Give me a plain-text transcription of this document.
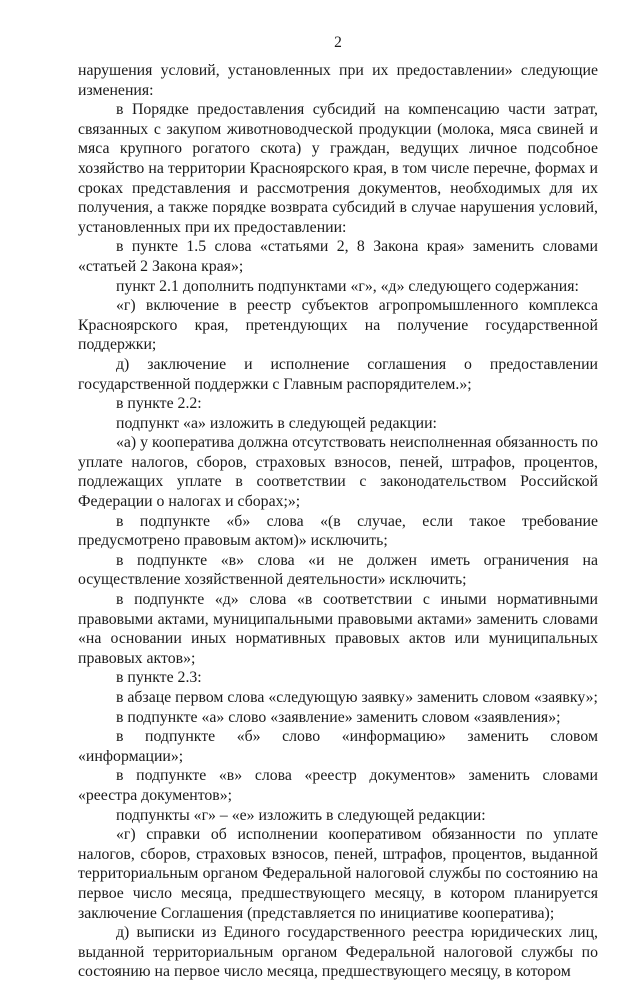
2

нарушения условий, установленных при их предоставлении» следующие изменения:

в Порядке предоставления субсидий на компенсацию части затрат, связанных с закупом животноводческой продукции (молока, мяса свиней и мяса крупного рогатого скота) у граждан, ведущих личное подсобное хозяйство на территории Красноярского края, в том числе перечне, формах и сроках представления и рассмотрения документов, необходимых для их получения, а также порядке возврата субсидий в случае нарушения условий, установленных при их предоставлении:

в пункте 1.5 слова «статьями 2, 8 Закона края» заменить словами «статьей 2 Закона края»;

пункт 2.1 дополнить подпунктами «г», «д» следующего содержания:

«г) включение в реестр субъектов агропромышленного комплекса Красноярского края, претендующих на получение государственной поддержки;

д) заключение и исполнение соглашения о предоставлении государственной поддержки с Главным распорядителем.»;

в пункте 2.2:

подпункт «а» изложить в следующей редакции:

«а) у кооператива должна отсутствовать неисполненная обязанность по уплате налогов, сборов, страховых взносов, пеней, штрафов, процентов, подлежащих уплате в соответствии с законодательством Российской Федерации о налогах и сборах;»;

в подпункте «б» слова «(в случае, если такое требование предусмотрено правовым актом)» исключить;

в подпункте «в» слова «и не должен иметь ограничения на осуществление хозяйственной деятельности» исключить;

в подпункте «д» слова «в соответствии с иными нормативными правовыми актами, муниципальными правовыми актами» заменить словами «на основании иных нормативных правовых актов или муниципальных правовых актов»;

в пункте 2.3:

в абзаце первом слова «следующую заявку» заменить словом «заявку»;

в подпункте «а» слово «заявление» заменить словом «заявления»;

в подпункте «б» слово «информацию» заменить словом «информации»;

в подпункте «в» слова «реестр документов» заменить словами «реестра документов»;

подпункты «г» – «е» изложить в следующей редакции:

«г) справки об исполнении кооперативом обязанности по уплате налогов, сборов, страховых взносов, пеней, штрафов, процентов, выданной территориальным органом Федеральной налоговой службы по состоянию на первое число месяца, предшествующего месяцу, в котором планируется заключение Соглашения (представляется по инициативе кооператива);

д) выписки из Единого государственного реестра юридических лиц, выданной территориальным органом Федеральной налоговой службы по состоянию на первое число месяца, предшествующего месяцу, в котором
